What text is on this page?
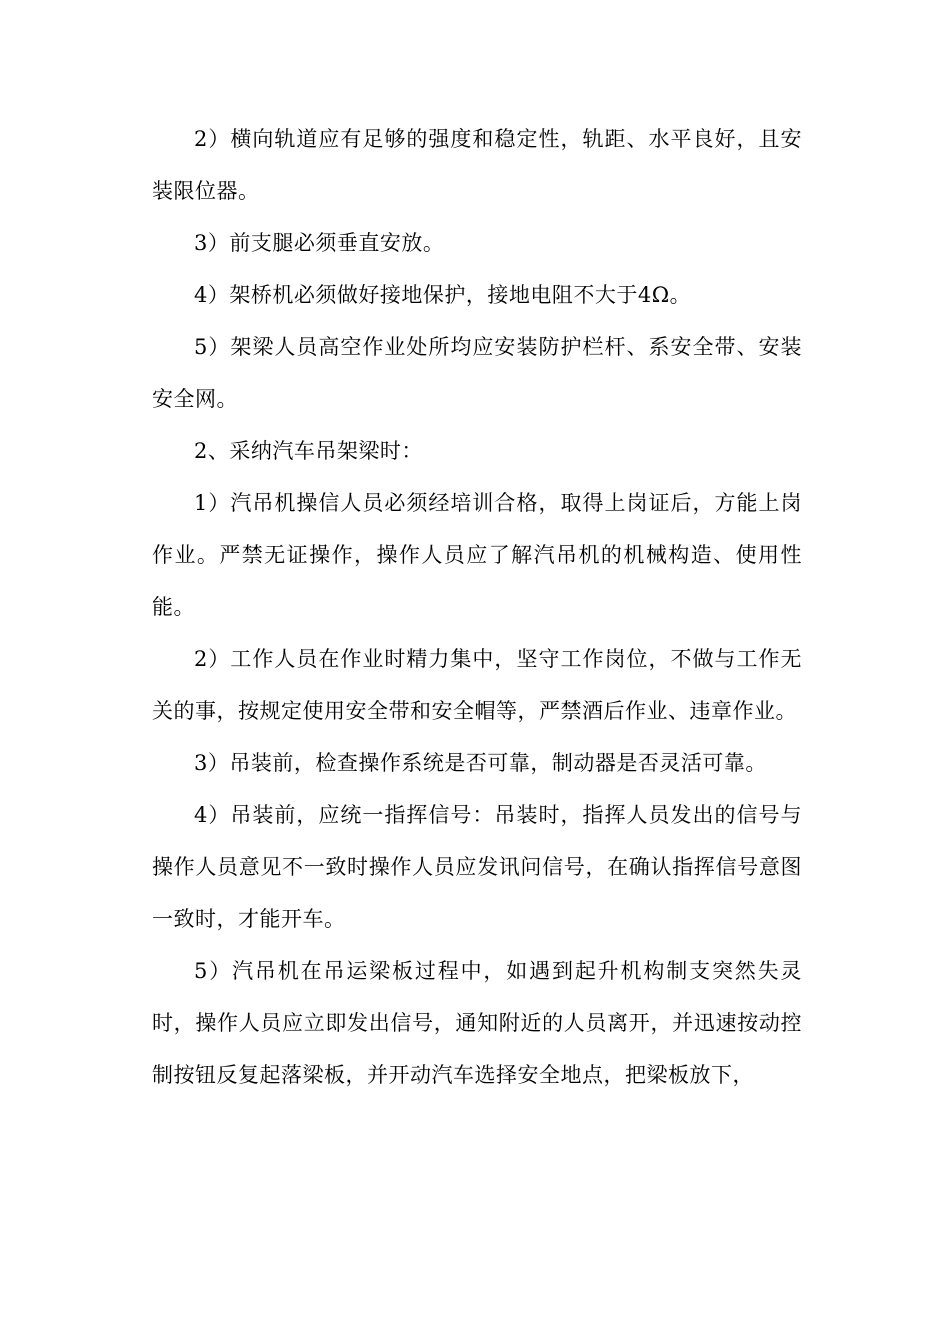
2）横向轨道应有足够的强度和稳定性，轨距、水平良好，且安装限位器。

3）前支腿必须垂直安放。

4）架桥机必须做好接地保护，接地电阻不大于4Ω。

5）架梁人员高空作业处所均应安装防护栏杆、系安全带、安装安全网。

2、采纳汽车吊架梁时：

1）汽吊机操信人员必须经培训合格，取得上岗证后，方能上岗作业。严禁无证操作，操作人员应了解汽吊机的机械构造、使用性能。

2）工作人员在作业时精力集中，坚守工作岗位，不做与工作无关的事，按规定使用安全带和安全帽等，严禁酒后作业、违章作业。

3）吊装前，检查操作系统是否可靠，制动器是否灵活可靠。

4）吊装前，应统一指挥信号：吊装时，指挥人员发出的信号与操作人员意见不一致时操作人员应发讯问信号，在确认指挥信号意图一致时，才能开车。

5）汽吊机在吊运梁板过程中，如遇到起升机构制支突然失灵时，操作人员应立即发出信号，通知附近的人员离开，并迅速按动控制按钮反复起落梁板，并开动汽车选择安全地点，把梁板放下，
